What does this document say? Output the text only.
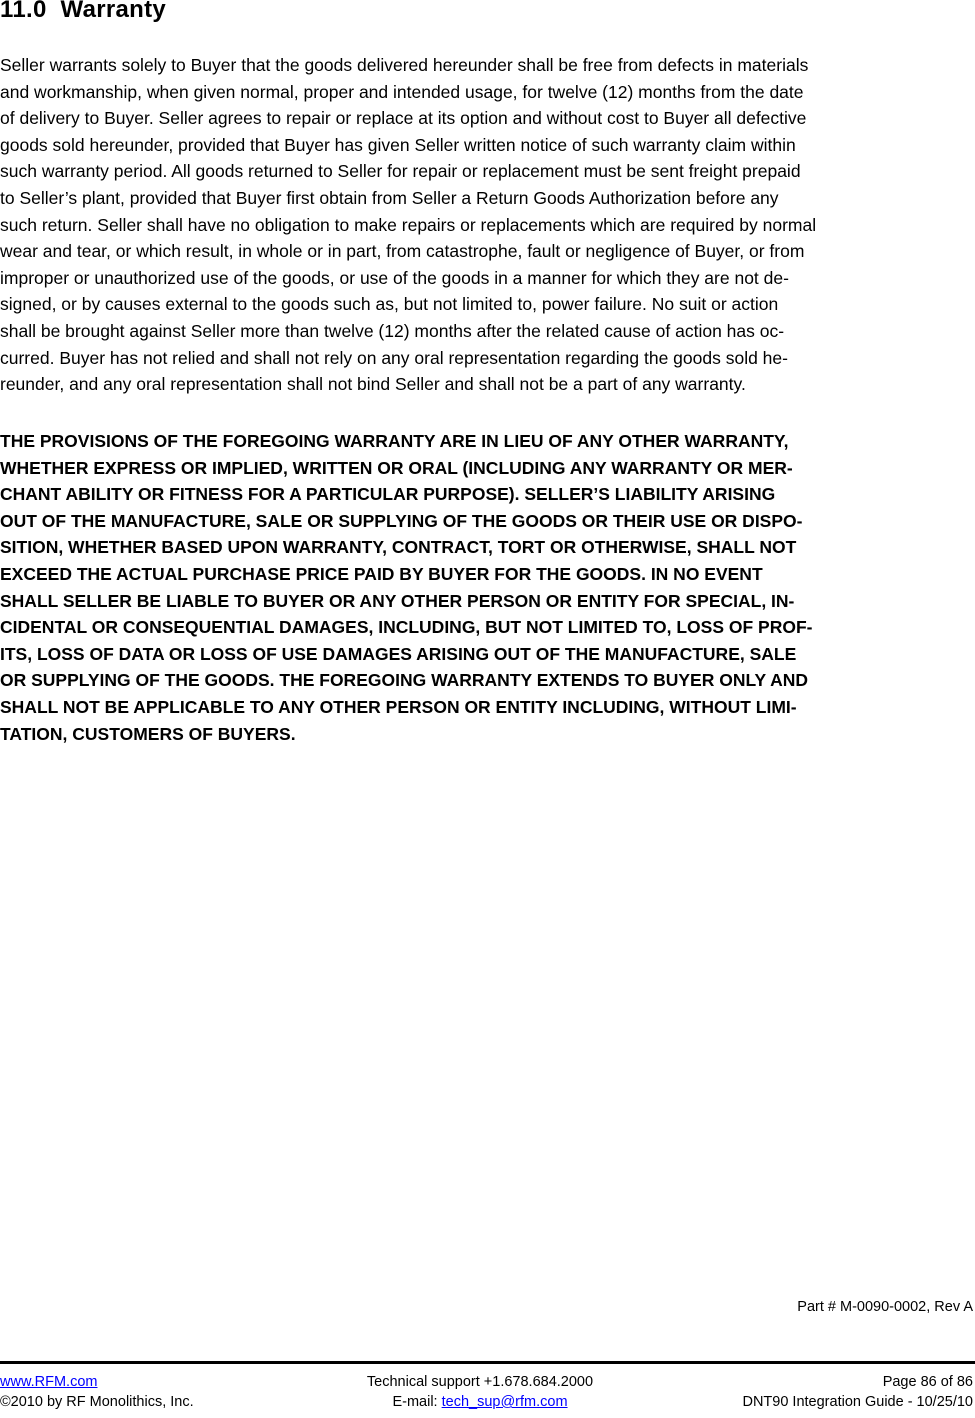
11.0  Warranty

Seller warrants solely to Buyer that the goods delivered hereunder shall be free from defects in materials
and workmanship, when given normal, proper and intended usage, for twelve (12) months from the date
of delivery to Buyer. Seller agrees to repair or replace at its option and without cost to Buyer all defective
goods sold hereunder, provided that Buyer has given Seller written notice of such warranty claim within
such warranty period. All goods returned to Seller for repair or replacement must be sent freight prepaid
to Seller’s plant, provided that Buyer first obtain from Seller a Return Goods Authorization before any
such return. Seller shall have no obligation to make repairs or replacements which are required by normal
wear and tear, or which result, in whole or in part, from catastrophe, fault or negligence of Buyer, or from
improper or unauthorized use of the goods, or use of the goods in a manner for which they are not de-
signed, or by causes external to the goods such as, but not limited to, power failure. No suit or action
shall be brought against Seller more than twelve (12) months after the related cause of action has oc-
curred. Buyer has not relied and shall not rely on any oral representation regarding the goods sold he-
reunder, and any oral representation shall not bind Seller and shall not be a part of any warranty.

THE PROVISIONS OF THE FOREGOING WARRANTY ARE IN LIEU OF ANY OTHER WARRANTY,
WHETHER EXPRESS OR IMPLIED, WRITTEN OR ORAL (INCLUDING ANY WARRANTY OR MER-
CHANT ABILITY OR FITNESS FOR A PARTICULAR PURPOSE). SELLER’S LIABILITY ARISING
OUT OF THE MANUFACTURE, SALE OR SUPPLYING OF THE GOODS OR THEIR USE OR DISPO-
SITION, WHETHER BASED UPON WARRANTY, CONTRACT, TORT OR OTHERWISE, SHALL NOT
EXCEED THE ACTUAL PURCHASE PRICE PAID BY BUYER FOR THE GOODS. IN NO EVENT
SHALL SELLER BE LIABLE TO BUYER OR ANY OTHER PERSON OR ENTITY FOR SPECIAL, IN-
CIDENTAL OR CONSEQUENTIAL DAMAGES, INCLUDING, BUT NOT LIMITED TO, LOSS OF PROF-
ITS, LOSS OF DATA OR LOSS OF USE DAMAGES ARISING OUT OF THE MANUFACTURE, SALE
OR SUPPLYING OF THE GOODS. THE FOREGOING WARRANTY EXTENDS TO BUYER ONLY AND
SHALL NOT BE APPLICABLE TO ANY OTHER PERSON OR ENTITY INCLUDING, WITHOUT LIMI-
TATION, CUSTOMERS OF BUYERS.

Part # M-0090-0002, Rev A
www.RFM.com
©2010 by RF Monolithics, Inc.
Technical support +1.678.684.2000
E-mail: tech_sup@rfm.com
Page 86 of 86
DNT90 Integration Guide - 10/25/10
